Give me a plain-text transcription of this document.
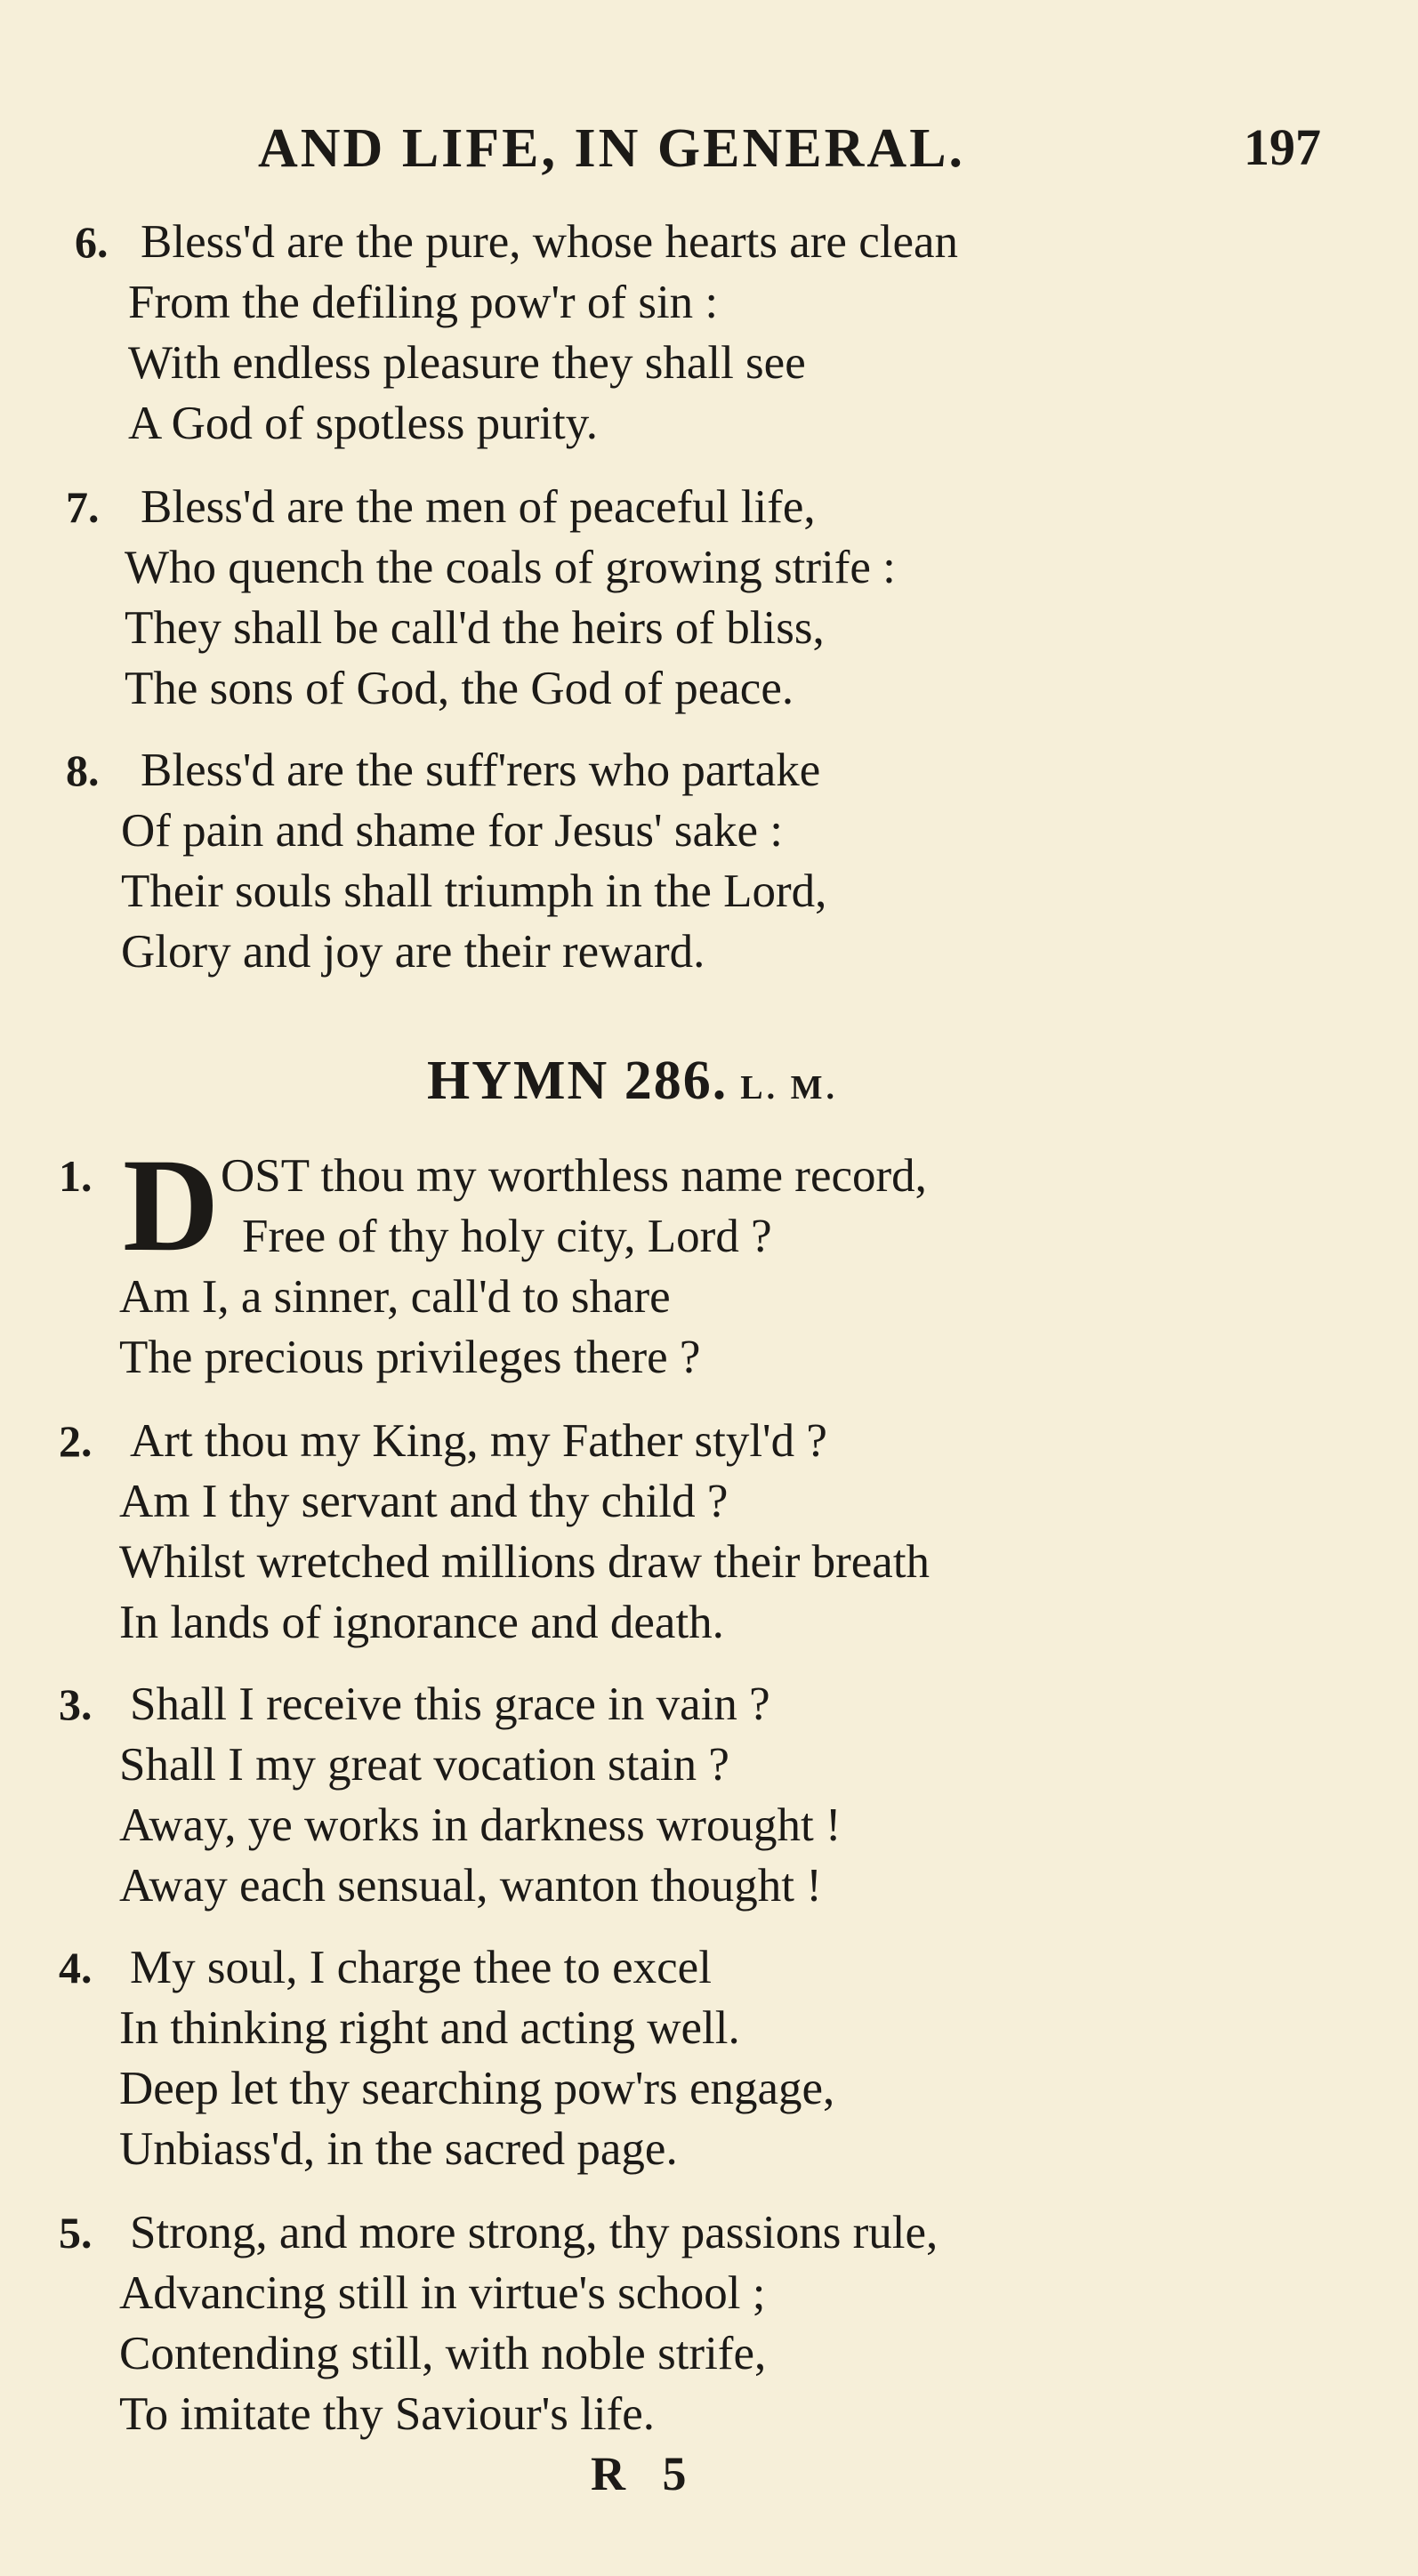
AND LIFE, IN GENERAL.	197
6. Bless'd are the pure, whose hearts are clean
From the defiling pow'r of sin :
With endless pleasure they shall see
A God of spotless purity.
7. Bless'd are the men of peaceful life,
Who quench the coals of growing strife :
They shall be call'd the heirs of bliss,
The sons of God, the God of peace.
8. Bless'd are the suff'rers who partake
Of pain and shame for Jesus' sake :
Their souls shall triumph in the Lord,
Glory and joy are their reward.
HYMN 286. L. M.
1. D OST thou my worthless name record,
Free of thy holy city, Lord ?
Am I, a sinner, call'd to share
The precious privileges there ?
2. Art thou my King, my Father styl'd ?
Am I thy servant and thy child ?
Whilst wretched millions draw their breath
In lands of ignorance and death.
3. Shall I receive this grace in vain ?
Shall I my great vocation stain ?
Away, ye works in darkness wrought !
Away each sensual, wanton thought !
4. My soul, I charge thee to excel
In thinking right and acting well.
Deep let thy searching pow'rs engage,
Unbiass'd, in the sacred page.
5. Strong, and more strong, thy passions rule,
Advancing still in virtue's school ;
Contending still, with noble strife,
To imitate thy Saviour's life.
R 5
